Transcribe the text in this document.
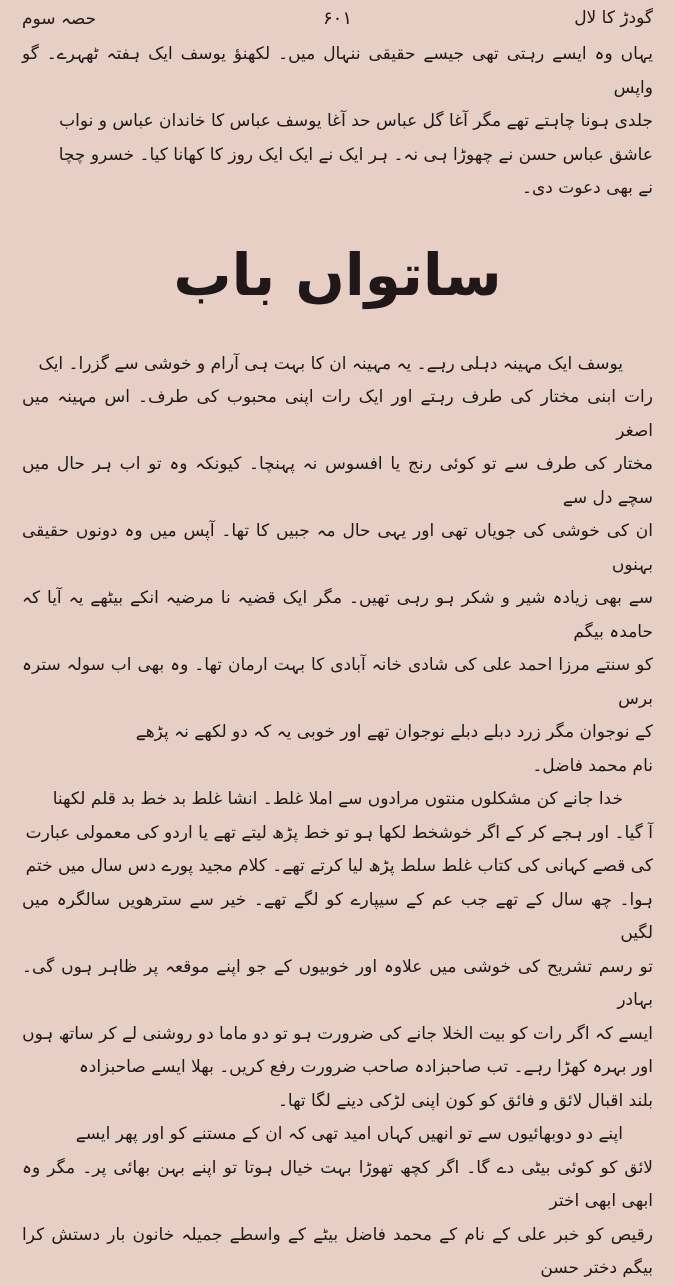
گودڑ کا لال
۶۰۱
حصہ سوم

یہاں وہ ایسے رہتی تھی جیسے حقیقی ننہال میں۔ لکھنؤ یوسف ایک ہفتہ ٹھہرے۔ گو واپس

جلدی ہونا چاہتے تھے مگر آغا گل عباس حد آغا یوسف عباس کا خاندان عباس و نواب

عاشق عباس حسن نے چھوڑا ہی نہ۔ ہر ایک نے ایک ایک روز کا کھانا کیا۔ خسرو چچا

نے بھی دعوت دی۔

ساتواں باب

یوسف ایک مہینہ دہلی رہے۔ یہ مہینہ ان کا بہت ہی آرام و خوشی سے گزرا۔ ایک

رات ابنی مختار کی طرف رہتے اور ایک رات اپنی محبوب کی طرف۔ اس مہینہ میں اصغر

مختار کی طرف سے تو کوئی رنج یا افسوس نہ پہنچا۔ کیونکہ وہ تو اب ہر حال میں سچے دل سے

ان کی خوشی کی جویاں تھی اور یہی حال مہ جبیں کا تھا۔ آپس میں وہ دونوں حقیقی بہنوں

سے بھی زیادہ شیر و شکر ہو رہی تھیں۔ مگر ایک قضیہ نا مرضیہ انکے بیٹھے یہ آیا کہ حامدہ بیگم

کو سنتے مرزا احمد علی کی شادی خانہ آبادی کا بہت ارمان تھا۔ وہ بھی اب سولہ سترہ برس

کے نوجوان مگر زرد دبلے دبلے نوجوان تھے اور خوبی یہ کہ دو لکھے نہ پڑھے

نام محمد فاضل۔

خدا جانے کن مشکلوں منتوں مرادوں سے املا غلط۔ انشا غلط بد خط بد قلم لکھنا

آ گیا۔ اور ہجے کر کے اگر خوشخط لکھا ہو تو خط پڑھ لیتے تھے یا اردو کی معمولی عبارت

کی قصے کہانی کی کتاب غلط سلط پڑھ لیا کرتے تھے۔ کلام مجید پورے دس سال میں ختم

ہوا۔ چھ سال کے تھے جب عم کے سیپارے کو لگے تھے۔ خیر سے سترھویں سالگرہ میں لگیں

تو رسم تشریح کی خوشی میں علاوہ اور خوبیوں کے جو اپنے موقعہ پر ظاہر ہوں گی۔ بہادر

ایسے کہ اگر رات کو بیت الخلا جانے کی ضرورت ہو تو دو ماما دو روشنی لے کر ساتھ ہوں

اور بہرہ کھڑا رہے۔ تب صاحبزادہ صاحب ضرورت رفع کریں۔ بھلا ایسے صاحبزادہ

بلند اقبال لائق و فائق کو کون اپنی لڑکی دینے لگا تھا۔

اپنے دو دوبھائیوں سے تو انھیں کہاں امید تھی کہ ان کے مستنے کو اور پھر ایسے

لائق کو کوئی بیٹی دے گا۔ اگر کچھ تھوڑا بہت خیال ہوتا تو اپنے بہن بھائی پر۔ مگر وہ ابھی ابھی اختر

رقیص کو خبر علی کے نام کے محمد فاضل بیٹے کے واسطے جمیلہ خانون بار دستش کرا بیگم دختر حسن
